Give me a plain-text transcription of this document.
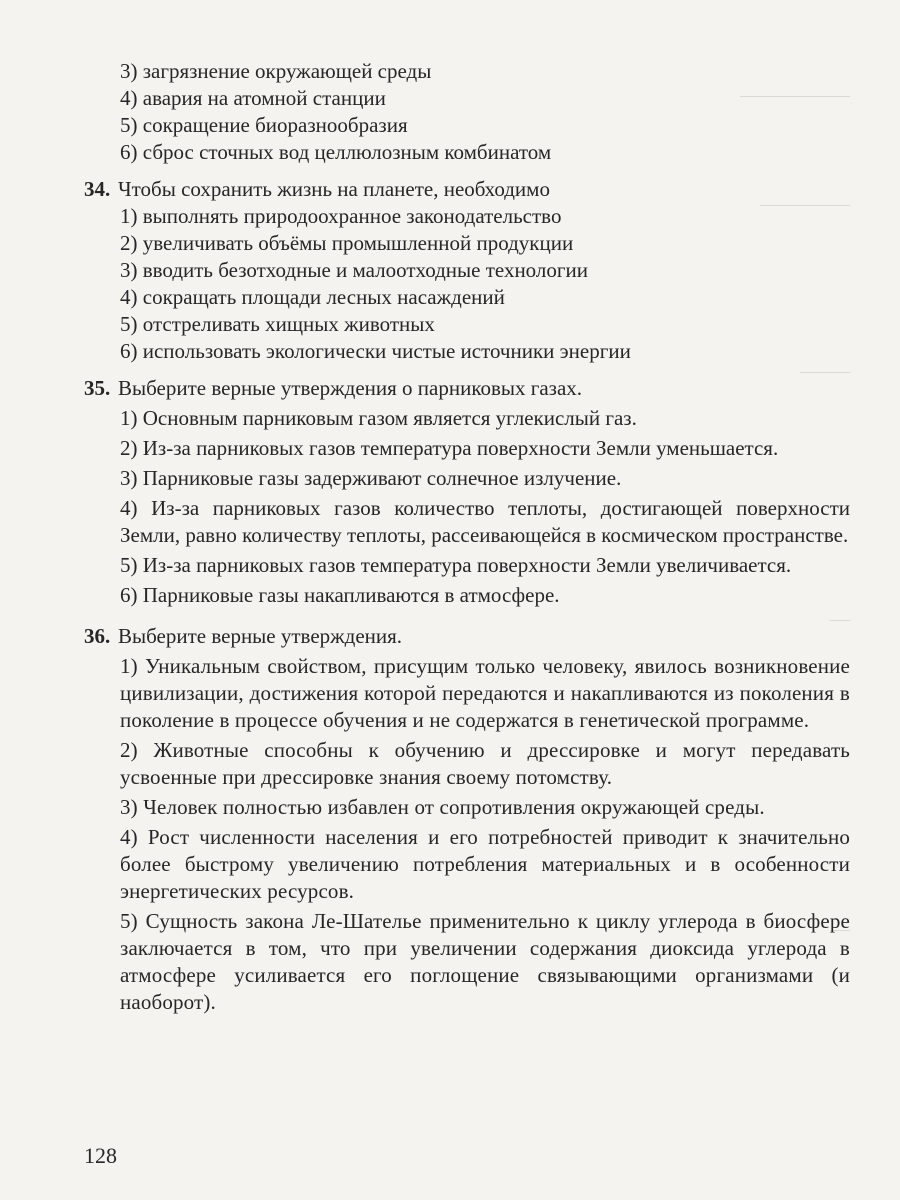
3) загрязнение окружающей среды
4) авария на атомной станции
5) сокращение биоразнообразия
6) сброс сточных вод целлюлозным комбинатом
34. Чтобы сохранить жизнь на планете, необходимо
1) выполнять природоохранное законодательство
2) увеличивать объёмы промышленной продукции
3) вводить безотходные и малоотходные технологии
4) сокращать площади лесных насаждений
5) отстреливать хищных животных
6) использовать экологически чистые источники энергии
35. Выберите верные утверждения о парниковых газах.
1) Основным парниковым газом является углекислый газ.
2) Из-за парниковых газов температура поверхности Земли уменьшается.
3) Парниковые газы задерживают солнечное излучение.
4) Из-за парниковых газов количество теплоты, достигающей поверхности Земли, равно количеству теплоты, рассеивающейся в космическом пространстве.
5) Из-за парниковых газов температура поверхности Земли увеличивается.
6) Парниковые газы накапливаются в атмосфере.
36. Выберите верные утверждения.
1) Уникальным свойством, присущим только человеку, явилось возникновение цивилизации, достижения которой передаются и накапливаются из поколения в поколение в процессе обучения и не содержатся в генетической программе.
2) Животные способны к обучению и дрессировке и могут передавать усвоенные при дрессировке знания своему потомству.
3) Человек полностью избавлен от сопротивления окружающей среды.
4) Рост численности населения и его потребностей приводит к значительно более быстрому увеличению потребления материальных и в особенности энергетических ресурсов.
5) Сущность закона Ле-Шателье применительно к циклу углерода в биосфере заключается в том, что при увеличении содержания диоксида углерода в атмосфере усиливается его поглощение связывающими организмами (и наоборот).
128
